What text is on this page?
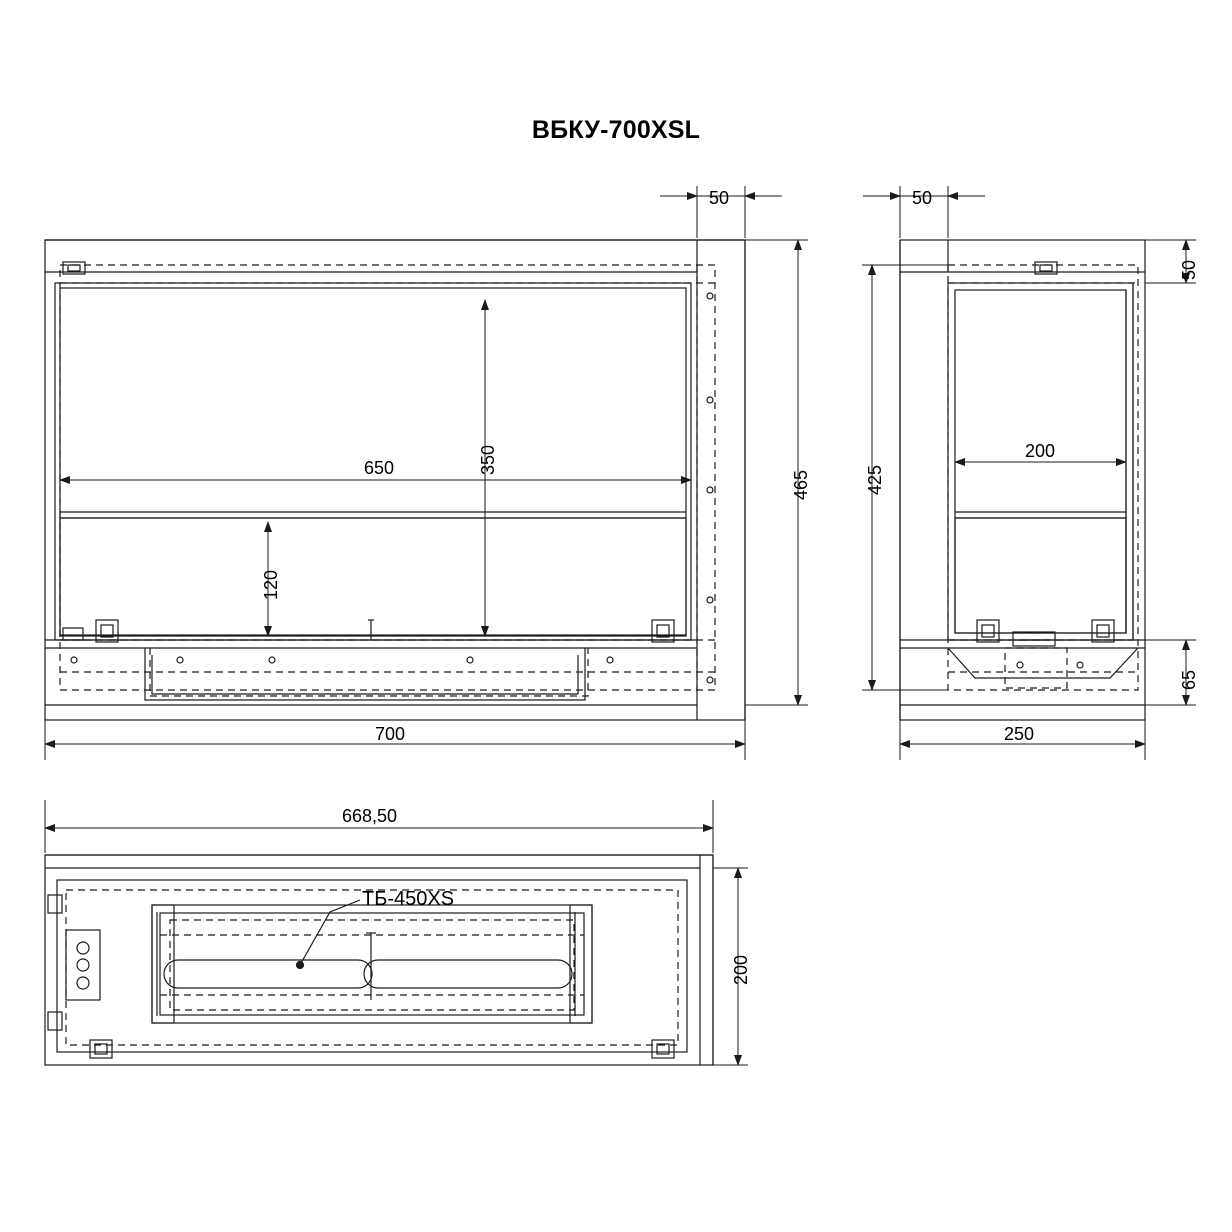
ВБКУ-700XSL
50
650	350
120
465
700
50
50
200
425
65
250
668,50
200
ТБ-450XS
